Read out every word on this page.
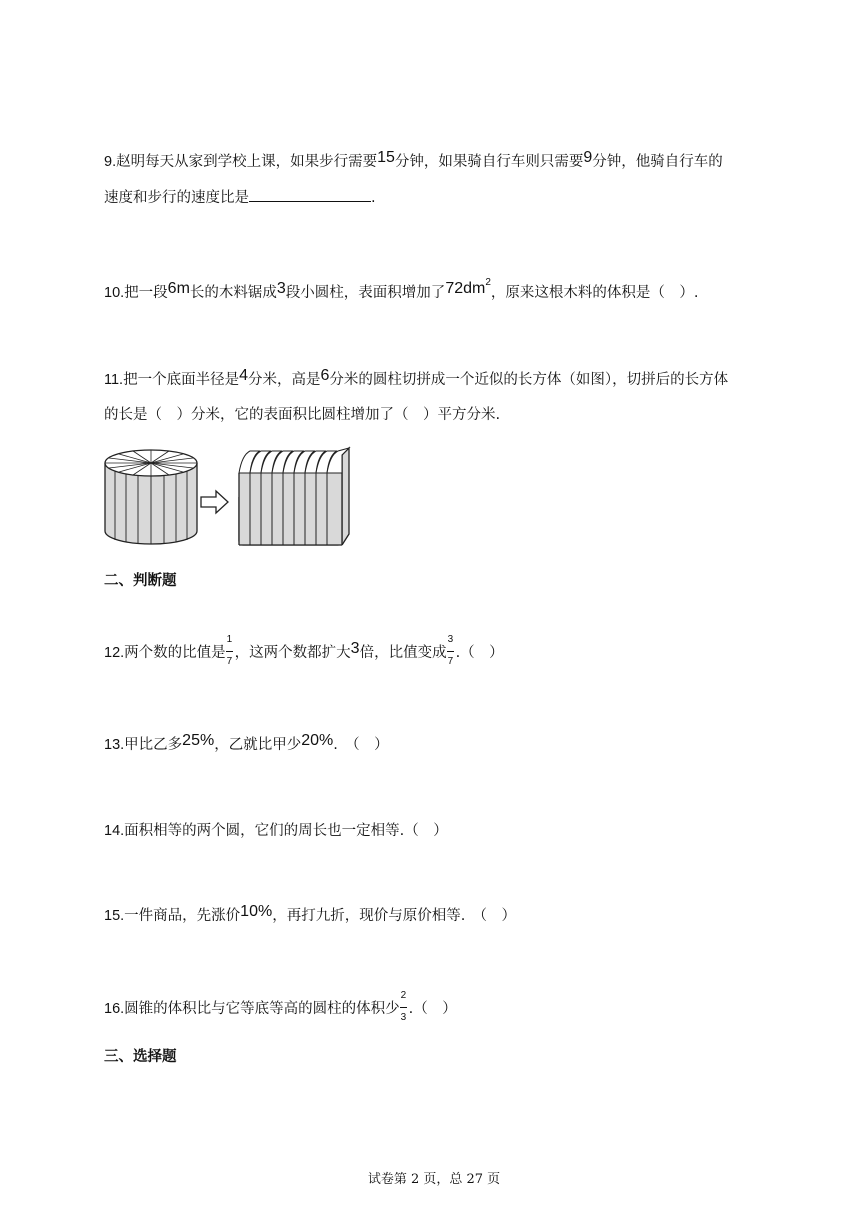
9.赵明每天从家到学校上课，如果步行需要15分钟，如果骑自行车则只需要9分钟，他骑自行车的
速度和步行的速度比是	.
10.把一段6m长的木料锯成3段小圆柱，表面积增加了$72dm^2$，原来这根木料的体积是（　）.
11.把一个底面半径是4分米，高是6分米的圆柱切拼成一个近似的长方体（如图），切拼后的长方体
的长是（　）分米，它的表面积比圆柱增加了（　）平方分米.
二、判断题
12.两个数的比值是 $\frac{1}{7}$ ，这两个数都扩大3倍，比值变成 $\frac{3}{7}$ .（　）
13.甲比乙多25%，乙就比甲少20%.　（　）
14.面积相等的两个圆，它们的周长也一定相等.（　）
15.一件商品，先涨价10%，再打九折，现价与原价相等.　（　）
16.圆锥的体积比与它等底等高的圆柱的体积少 $\frac{2}{3}$ .（　）
三、选择题
试卷第 2 页，总 27 页
